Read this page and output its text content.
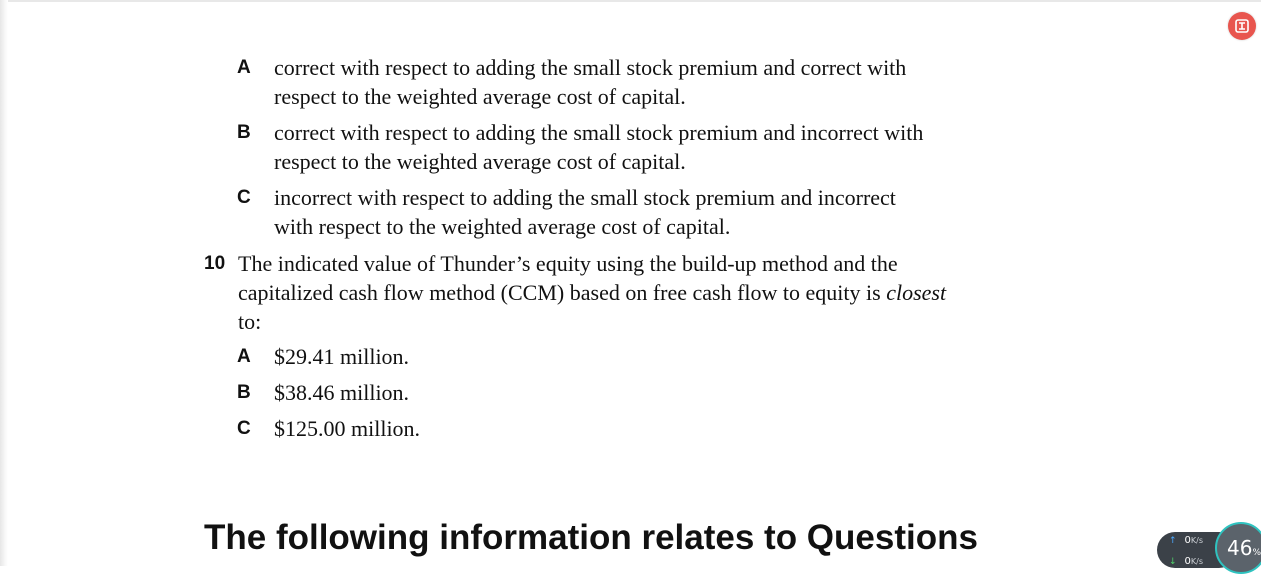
A correct with respect to adding the small stock premium and correct with
respect to the weighted average cost of capital.
B correct with respect to adding the small stock premium and incorrect with
respect to the weighted average cost of capital.
C incorrect with respect to adding the small stock premium and incorrect
with respect to the weighted average cost of capital.
10 The indicated value of Thunder’s equity using the build-up method and the
capitalized cash flow method (CCM) based on free cash flow to equity is closest
to:
A $29.41 million.
B $38.46 million.
C $125.00 million.
The following information relates to Questions	↑ 0K/s
↓ 0K/s
46%
